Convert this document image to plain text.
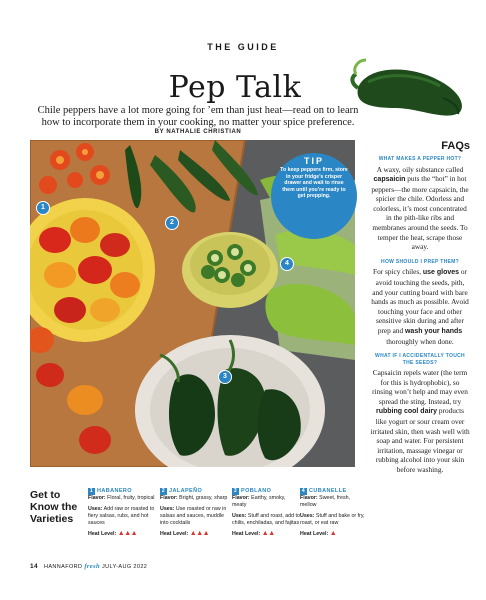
THE GUIDE
Pep Talk
Chile peppers have a lot more going for ’em than just heat—read on to learn how to incorporate them in your cooking, no matter your spice preference.
BY NATHALIE CHRISTIAN
1
2
3
4
TIP
To keep peppers firm, store in your fridge’s crisper drawer and wait to rinse them until you’re ready to get prepping.
FAQs
WHAT MAKES A PEPPER HOT?
A waxy, oily substance called capsaicin puts the “hot” in hot peppers—the more capsaicin, the spicier the chile. Odorless and colorless, it’s most concentrated in the pith-like ribs and membranes around the seeds. To temper the heat, scrape those away.
HOW SHOULD I PREP THEM?
For spicy chiles, use gloves or avoid touching the seeds, pith, and your cutting board with bare hands as much as possible. Avoid touching your face and other sensitive skin during and after prep and wash your hands thoroughly when done.
WHAT IF I ACCIDENTALLY TOUCH THE SEEDS?
Capsaicin repels water (the term for this is hydrophobic), so rinsing won’t help and may even spread the sting. Instead, try rubbing cool dairy products like yogurt or sour cream over irritated skin, then wash well with soap and water. For persistent irritation, massage vinegar or rubbing alcohol into your skin before washing.
Get to Know the Varieties
1 HABANERO
Flavor: Floral, fruity, tropical
Uses: Add raw or roasted to fiery salsas, rubs, and hot sauces
Heat Level: ▲▲▲
2 JALAPEÑO
Flavor: Bright, grassy, sharp
Uses: Use roasted or raw in salsas and sauces, muddle into cocktails
Heat Level: ▲▲▲
3 POBLANO
Flavor: Earthy, smoky, meaty
Uses: Stuff and roast, add to chilis, enchiladas, and fajitas
Heat Level: ▲▲
4 CUBANELLE
Flavor: Sweet, fresh, mellow
Uses: Stuff and bake or fry, roast, or eat raw
Heat Level: ▲
14 HANNAFORD fresh JULY-AUG 2022
